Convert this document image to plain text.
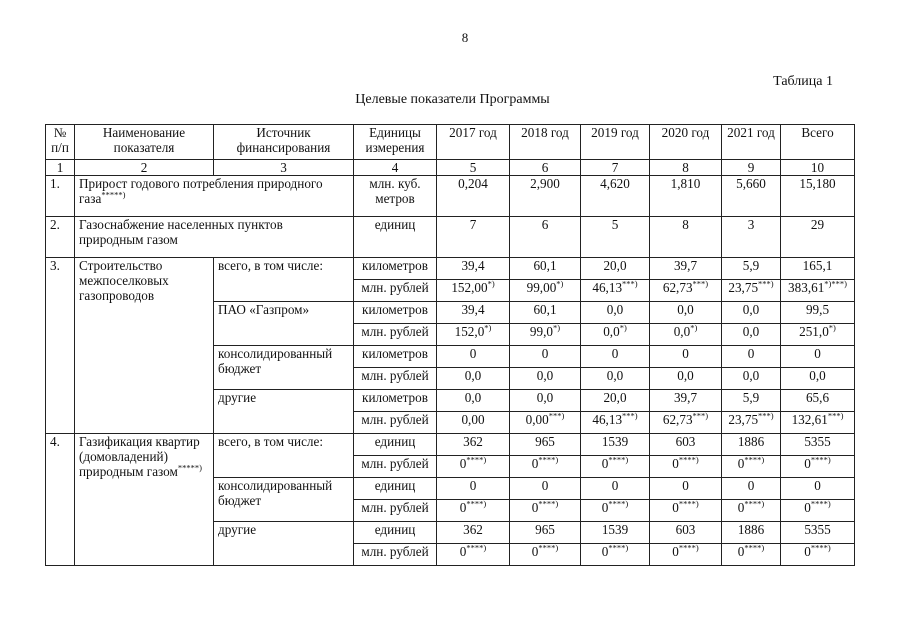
8
Таблица 1
Целевые показатели Программы
№ п/п	Наименование показателя	Источник финансирования	Единицы измерения	2017 год	2018 год	2019 год	2020 год	2021 год	Всего
1	2	3	4	5	6	7	8	9	10
1.	Прирост годового потребления природного газа*****)		млн. куб. метров	0,204	2,900	4,620	1,810	5,660	15,180
2.	Газоснабжение населенных пунктов природным газом		единиц	7	6	5	8	3	29
3.	Строительство межпоселковых газопроводов	всего, в том числе:	километров	39,4	60,1	20,0	39,7	5,9	165,1
			млн. рублей	152,00*)	99,00*)	46,13***)	62,73***)	23,75***)	383,61*)***)
		ПАО «Газпром»	километров	39,4	60,1	0,0	0,0	0,0	99,5
			млн. рублей	152,0*)	99,0*)	0,0*)	0,0*)	0,0	251,0*)
		консолидированный бюджет	километров	0	0	0	0	0	0
			млн. рублей	0,0	0,0	0,0	0,0	0,0	0,0
		другие	километров	0,0	0,0	20,0	39,7	5,9	65,6
			млн. рублей	0,00	0,00***)	46,13***)	62,73***)	23,75***)	132,61***)
4.	Газификация квартир (домовладений) природным газом*****)	всего, в том числе:	единиц	362	965	1539	603	1886	5355
			млн. рублей	0****)	0****)	0****)	0****)	0****)	0****)
		консолидированный бюджет	единиц	0	0	0	0	0	0
			млн. рублей	0****)	0****)	0****)	0****)	0****)	0****)
		другие	единиц	362	965	1539	603	1886	5355
			млн. рублей	0****)	0****)	0****)	0****)	0****)	0****)
